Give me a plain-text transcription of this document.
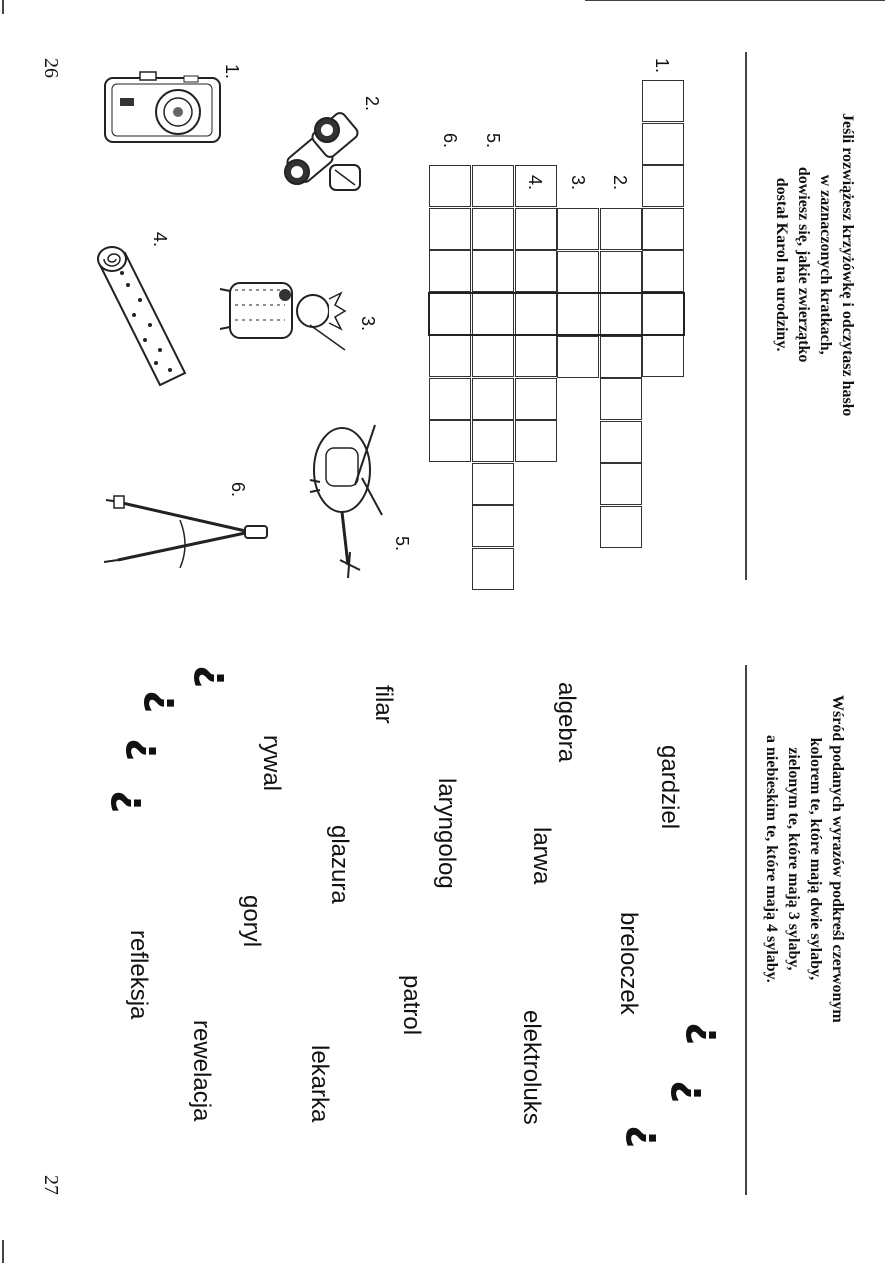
26
27
Jeśli rozwiążesz krzyżówkę i odczytasz hasło
w zaznaczonych kratkach,
dowiesz się, jakie zwierzątko
dostał Karol na urodziny.
1.
2.
3.
4.
5.
6.
1.
2.
3.
4.
5.
6.
Wśród podanych wyrazów podkreśl czerwonym
kolorem te, które mają dwie sylaby,
zielonym te, które mają 3 sylaby,
a niebieskim te, które mają 4 sylaby.
gardziel
breloczek
elektroluks
algebra
larwa
patrol
laryngolog
lekarka
filar
glazura
goryl
rewelacja
rywal
refleksja
¿
¿
¿
¿
¿
¿
¿
